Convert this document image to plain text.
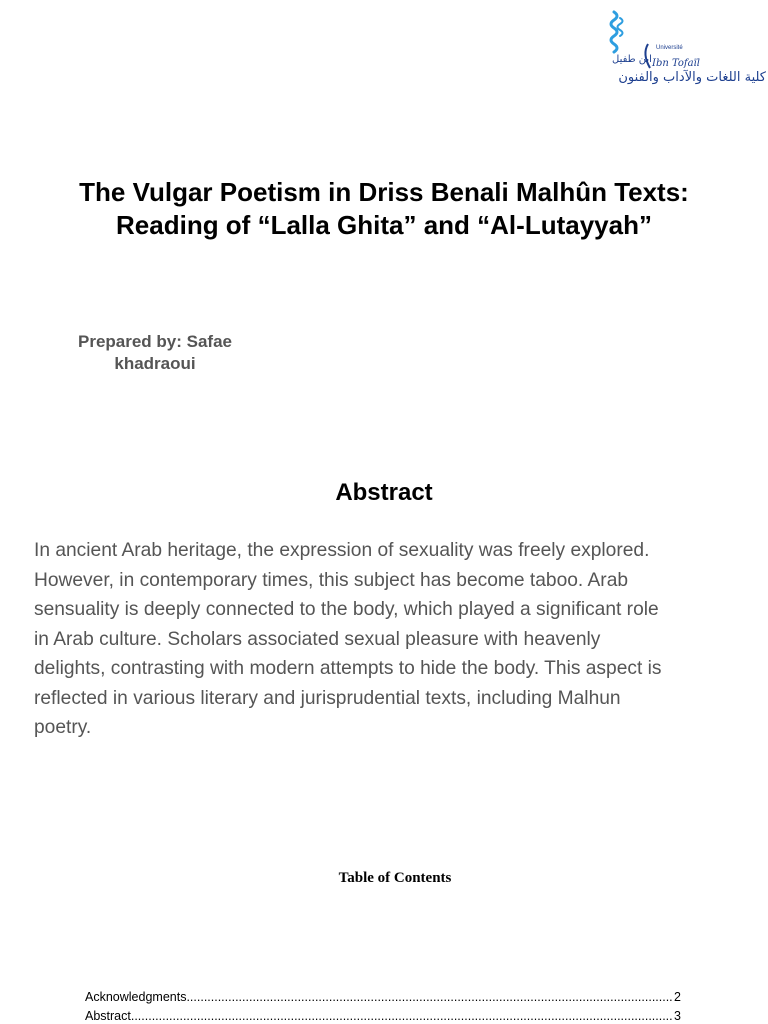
Université
ابن طفيل Ibn Tofaïl
كلية اللغات والآداب والفنون
The Vulgar Poetism in Driss Benali Malhûn Texts:
Reading of “Lalla Ghita” and “Al-Lutayyah”
Prepared by: Safae
khadraoui
Abstract
In ancient Arab heritage, the expression of sexuality was freely explored.
However, in contemporary times, this subject has become taboo. Arab
sensuality is deeply connected to the body, which played a significant role
in Arab culture. Scholars associated sexual pleasure with heavenly
delights, contrasting with modern attempts to hide the body. This aspect is
reflected in various literary and jurisprudential texts, including Malhun
poetry.
Table of Contents
Acknowledgments .....	2
Abstract .....	3
